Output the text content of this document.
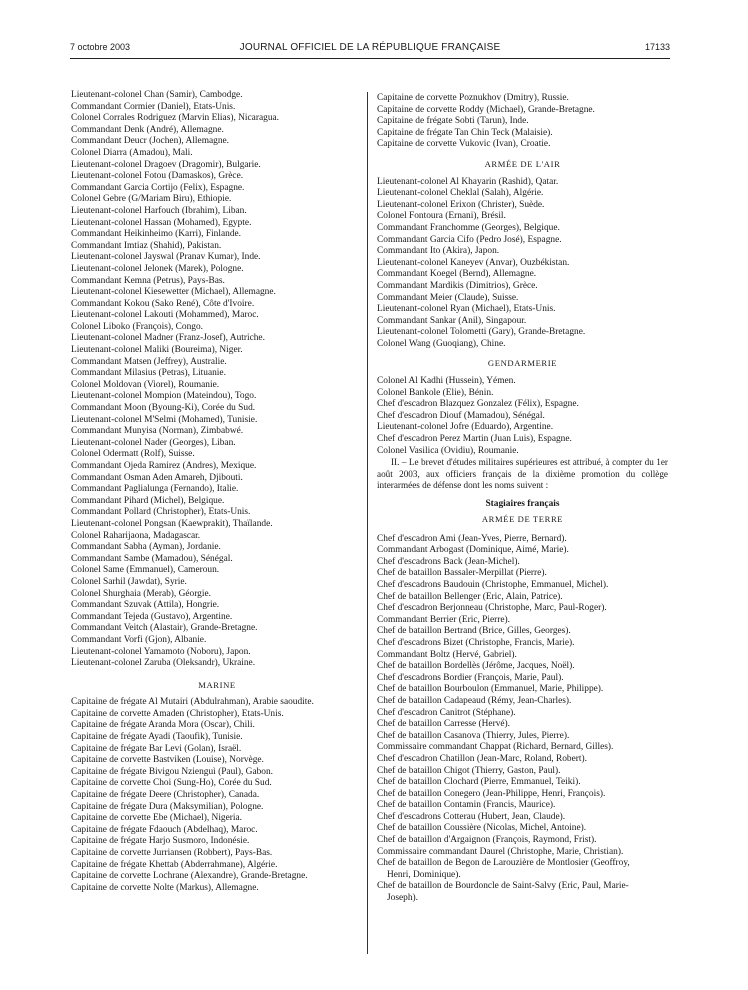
7 octobre 2003	JOURNAL OFFICIEL DE LA RÉPUBLIQUE FRANÇAISE	17133
Lieutenant-colonel Chan (Samir), Cambodge.
Commandant Cormier (Daniel), Etats-Unis.
Colonel Corrales Rodriguez (Marvin Elias), Nicaragua.
Commandant Denk (André), Allemagne.
Commandant Deucr (Jochen), Allemagne.
Colonel Diarra (Amadou), Mali.
Lieutenant-colonel Dragoev (Dragomir), Bulgarie.
Lieutenant-colonel Fotou (Damaskos), Grèce.
Commandant Garcia Cortijo (Felix), Espagne.
Colonel Gebre (G/Mariam Biru), Ethiopie.
Lieutenant-colonel Harfouch (Ibrahim), Liban.
Lieutenant-colonel Hassan (Mohamed), Egypte.
Commandant Heikinheimo (Karri), Finlande.
Commandant Imtiaz (Shahid), Pakistan.
Lieutenant-colonel Jayswal (Pranav Kumar), Inde.
Lieutenant-colonel Jelonek (Marek), Pologne.
Commandant Kemna (Petrus), Pays-Bas.
Lieutenant-colonel Kiesewetter (Michael), Allemagne.
Commandant Kokou (Sako René), Côte d'Ivoire.
Lieutenant-colonel Lakouti (Mohammed), Maroc.
Colonel Liboko (François), Congo.
Lieutenant-colonel Madner (Franz-Josef), Autriche.
Lieutenant-colonel Maliki (Boureima), Niger.
Commandant Matsen (Jeffrey), Australie.
Commandant Milasius (Petras), Lituanie.
Colonel Moldovan (Viorel), Roumanie.
Lieutenant-colonel Mompion (Mateindou), Togo.
Commandant Moon (Byoung-Ki), Corée du Sud.
Lieutenant-colonel M'Selmi (Mohamed), Tunisie.
Commandant Munyisa (Norman), Zimbabwé.
Lieutenant-colonel Nader (Georges), Liban.
Colonel Odermatt (Rolf), Suisse.
Commandant Ojeda Ramirez (Andres), Mexique.
Commandant Osman Aden Amareh, Djibouti.
Commandant Paglialunga (Fernando), Italie.
Commandant Pihard (Michel), Belgique.
Commandant Pollard (Christopher), Etats-Unis.
Lieutenant-colonel Pongsan (Kaewprakit), Thaïlande.
Colonel Raharijaona, Madagascar.
Commandant Sabha (Ayman), Jordanie.
Commandant Sambe (Mamadou), Sénégal.
Colonel Same (Emmanuel), Cameroun.
Colonel Sarhil (Jawdat), Syrie.
Colonel Shurghaia (Merab), Géorgie.
Commandant Szuvak (Attila), Hongrie.
Commandant Tejeda (Gustavo), Argentine.
Commandant Veitch (Alastair), Grande-Bretagne.
Commandant Vorfi (Gjon), Albanie.
Lieutenant-colonel Yamamoto (Noboru), Japon.
Lieutenant-colonel Zaruba (Oleksandr), Ukraine.
MARINE
Capitaine de frégate Al Mutairi (Abdulrahman), Arabie saoudite.
Capitaine de corvette Amaden (Christopher), Etats-Unis.
Capitaine de frégate Aranda Mora (Oscar), Chili.
Capitaine de frégate Ayadi (Taoufik), Tunisie.
Capitaine de frégate Bar Levi (Golan), Israël.
Capitaine de corvette Bastviken (Louise), Norvège.
Capitaine de frégate Bivigou Nzienguì (Paul), Gabon.
Capitaine de corvette Choi (Sung-Ho), Corée du Sud.
Capitaine de frégate Deere (Christopher), Canada.
Capitaine de frégate Dura (Maksymilian), Pologne.
Capitaine de corvette Ebe (Michael), Nigeria.
Capitaine de frégate Fdaouch (Abdelhaq), Maroc.
Capitaine de frégate Harjo Susmoro, Indonésie.
Capitaine de corvette Jurriansen (Robbert), Pays-Bas.
Capitaine de frégate Khettab (Abderrahmane), Algérie.
Capitaine de corvette Lochrane (Alexandre), Grande-Bretagne.
Capitaine de corvette Nolte (Markus), Allemagne.
Capitaine de corvette Poznukhov (Dmitry), Russie.
Capitaine de corvette Roddy (Michael), Grande-Bretagne.
Capitaine de frégate Sobti (Tarun), Inde.
Capitaine de frégate Tan Chin Teck (Malaisie).
Capitaine de corvette Vukovic (Ivan), Croatie.
ARMÉE DE L'AIR
Lieutenant-colonel Al Khayarin (Rashid), Qatar.
Lieutenant-colonel Cheklal (Salah), Algérie.
Lieutenant-colonel Erixon (Christer), Suède.
Colonel Fontoura (Ernani), Brésil.
Commandant Franchomme (Georges), Belgique.
Commandant Garcia Cifo (Pedro José), Espagne.
Commandant Ito (Akira), Japon.
Lieutenant-colonel Kaneyev (Anvar), Ouzbékistan.
Commandant Koegel (Bernd), Allemagne.
Commandant Mardikis (Dimitrios), Grèce.
Commandant Meier (Claude), Suisse.
Lieutenant-colonel Ryan (Michael), Etats-Unis.
Commandant Sankar (Anil), Singapour.
Lieutenant-colonel Tolometti (Gary), Grande-Bretagne.
Colonel Wang (Guoqiang), Chine.
GENDARMERIE
Colonel Al Kadhi (Hussein), Yémen.
Colonel Bankole (Elie), Bénin.
Chef d'escadron Blazquez Gonzalez (Félix), Espagne.
Chef d'escadron Diouf (Mamadou), Sénégal.
Lieutenant-colonel Jofre (Eduardo), Argentine.
Chef d'escadron Perez Martin (Juan Luis), Espagne.
Colonel Vasilica (Ovidiu), Roumanie.
II. – Le brevet d'études militaires supérieures est attribué, à compter du 1er août 2003, aux officiers français de la dixième promotion du collège interarmées de défense dont les noms suivent :
Stagiaires français
ARMÉE DE TERRE
Chef d'escadron Ami (Jean-Yves, Pierre, Bernard).
Commandant Arbogast (Dominique, Aimé, Marie).
Chef d'escadrons Back (Jean-Michel).
Chef de bataillon Bassaler-Merpillat (Pierre).
Chef d'escadrons Baudouin (Christophe, Emmanuel, Michel).
Chef de bataillon Bellenger (Eric, Alain, Patrice).
Chef d'escadron Berjonneau (Christophe, Marc, Paul-Roger).
Commandant Berrier (Eric, Pierre).
Chef de bataillon Bertrand (Brice, Gilles, Georges).
Chef d'escadrons Bizet (Christophe, Francis, Marie).
Commandant Boltz (Hervé, Gabriel).
Chef de bataillon Bordellès (Jérôme, Jacques, Noël).
Chef d'escadrons Bordier (François, Marie, Paul).
Chef de bataillon Bourboulon (Emmanuel, Marie, Philippe).
Chef de bataillon Cadapeaud (Rémy, Jean-Charles).
Chef d'escadron Canitrot (Stéphane).
Chef de bataillon Carresse (Hervé).
Chef de bataillon Casanova (Thierry, Jules, Pierre).
Commissaire commandant Chappat (Richard, Bernard, Gilles).
Chef d'escadron Chatillon (Jean-Marc, Roland, Robert).
Chef de bataillon Chigot (Thierry, Gaston, Paul).
Chef de bataillon Clochard (Pierre, Emmanuel, Teiki).
Chef de bataillon Conegero (Jean-Philippe, Henri, François).
Chef de bataillon Contamin (Francis, Maurice).
Chef d'escadrons Cotterau (Hubert, Jean, Claude).
Chef de bataillon Coussière (Nicolas, Michel, Antoine).
Chef de bataillon d'Argaignon (François, Raymond, Frist).
Commissaire commandant Daurel (Christophe, Marie, Christian).
Chef de bataillon de Begon de Larouzière de Montlosier (Geoffroy,
Henri, Dominique).
Chef de bataillon de Bourdoncle de Saint-Salvy (Eric, Paul, Marie-
Joseph).
